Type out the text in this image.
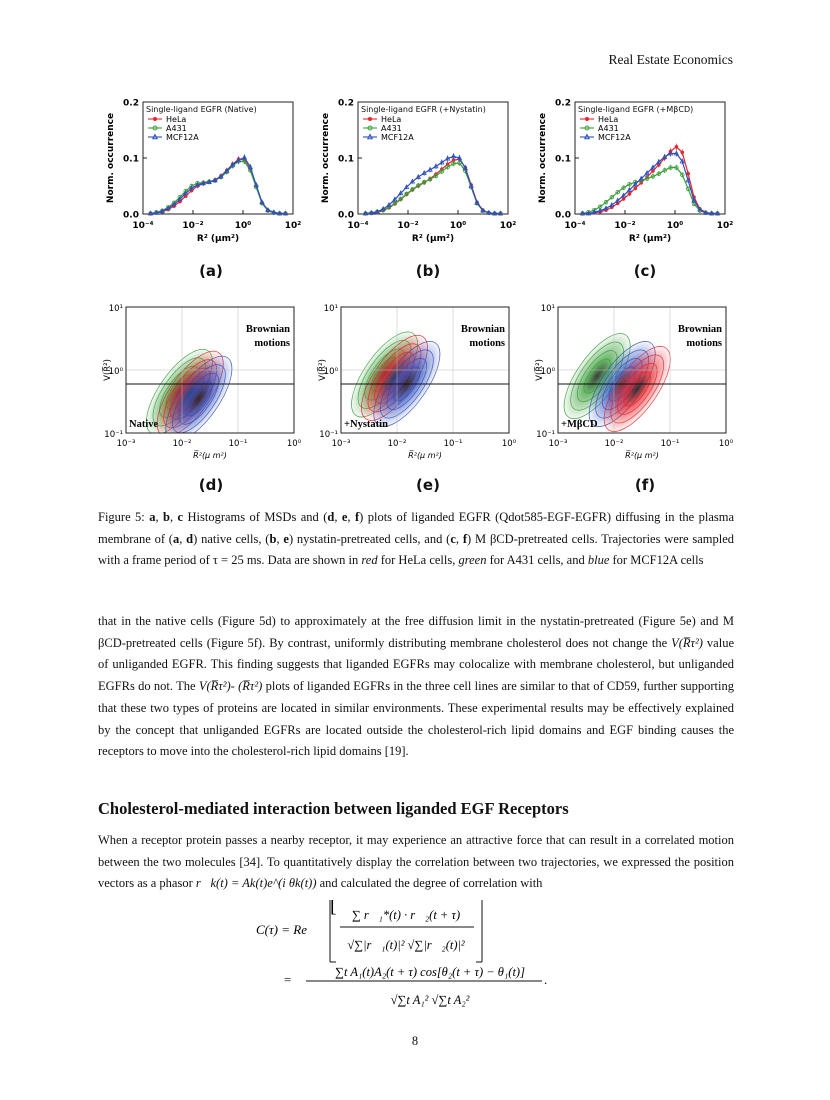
Real Estate Economics
0.0
0.1
0.2
10⁻⁴	10⁻²	10⁰	10²
R² (µm²)
Norm. occurrence
Single-ligand EGFR (Native)
HeLa
A431
MCF12A
0.0
0.1
0.2
10⁻⁴	10⁻²	10⁰	10²
R² (µm²)
Norm. occurrence
Single-ligand EGFR (+Nystatin)
HeLa
A431
MCF12A
0.0
0.1
0.2
10⁻⁴	10⁻²	10⁰	10²
R² (µm²)
Norm. occurrence
Single-ligand EGFR (+MβCD)
HeLa
A431
MCF12A
(a)	(b)	(c)
Brownian
motions
Native
10¹
10⁰
10⁻¹
10⁻³	10⁻²	10⁻¹	10⁰
R̅²(µ m²)
V(R̅²)
Brownian
motions
+Nystatin
10¹
10⁰
10⁻¹
10⁻³	10⁻²	10⁻¹	10⁰
R̅²(µ m²)
V(R̅²)
Brownian
motions
+MβCD
10¹
10⁰
10⁻¹
10⁻³	10⁻²	10⁻¹	10⁰
R̅²(µ m²)
V(R̅²)
(d)	(e)	(f)
Figure 5: a, b, c Histograms of MSDs and (d, e, f) plots of liganded EGFR (Qdot585-EGF-EGFR) diffusing in the plasma membrane of (a, d) native cells, (b, e) nystatin-pretreated cells, and (c, f) M βCD-pretreated cells. Trajectories were sampled with a frame period of τ = 25 ms. Data are shown in red for HeLa cells, green for A431 cells, and blue for MCF12A cells
that in the native cells (Figure 5d) to approximately at the free diffusion limit in the nystatin-pretreated (Figure 5e) and M βCD-pretreated cells (Figure 5f). By contrast, uniformly distributing membrane cholesterol does not change the V(R̅τ²) value of unliganded EGFR. This finding suggests that liganded EGFRs may colocalize with membrane cholesterol, but unliganded EGFRs do not. The V(R̅τ²)- (R̅τ²) plots of liganded EGFRs in the three cell lines are similar to that of CD59, further supporting that these two types of proteins are located in similar environments. These experimental results may be effectively explained by the concept that unliganded EGFRs are located outside the cholesterol-rich lipid domains and EGF binding causes the receptors to move into the cholesterol-rich lipid domains [19].
Cholesterol-mediated interaction between liganded EGF Receptors
When a receptor protein passes a nearby receptor, it may experience an attractive force that can result in a correlated motion between the two molecules [34]. To quantitatively display the correlation between two trajectories, we expressed the position vectors as a phasor r⃗k(t) = Ak(t)e^(i θk(t)) and calculated the degree of correlation with
C(τ) = Re
[ ∑ r⃗₁*(t) · r⃗₂(t + τ)
√∑|r⃗₁(t)|² √∑|r⃗₂(t)|²
=	∑t A₁(t)A₂(t + τ) cos[θ₂(t + τ) − θ₁(t)]
√∑t A₁² √∑t A₂²
.
8
